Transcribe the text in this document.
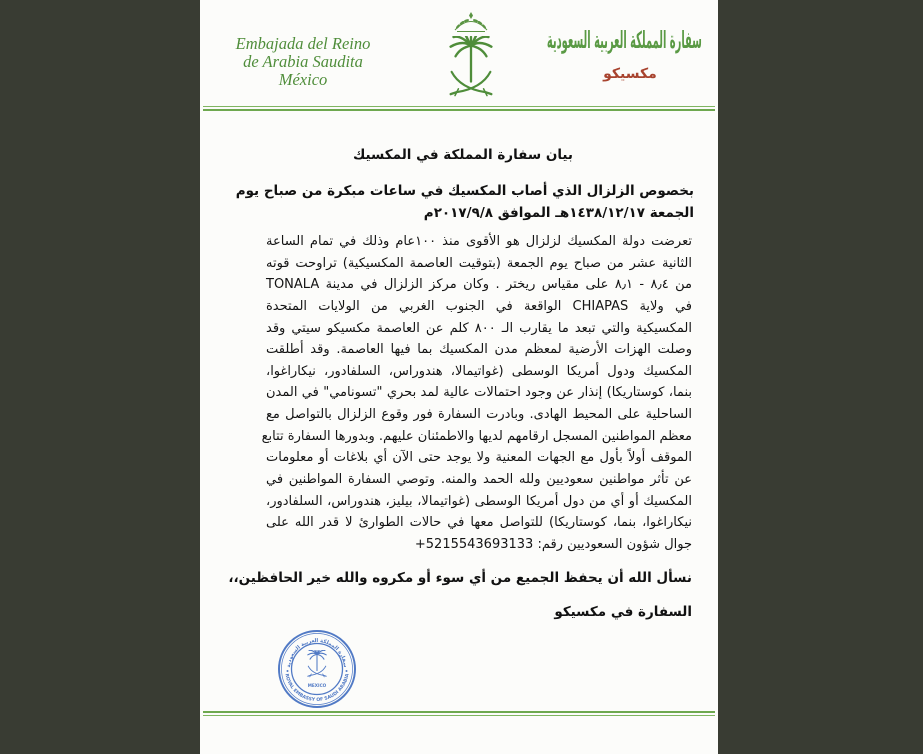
Embajada del Reino
de Arabia Saudita
México
سفارة المملكة العربية السعودية
مكسيكو
بيان سفارة المملكة في المكسيك
بخصوص الزلزال الذي أصاب المكسيك في ساعات مبكرة من صباح يوم
الجمعة ١٤٣٨/١٢/١٧هـ الموافق ٢٠١٧/٩/٨م
تعرضت دولة المكسيك لزلزال هو الأقوى منذ ١٠٠عام وذلك في تمام الساعة
الثانية عشر من صباح يوم الجمعة (بتوقيت العاصمة المكسيكية) تراوحت قوته
من ٨٫٤ - ٨٫١ على مقياس ريختر . وكان مركز الزلزال في مدينة TONALA
في ولاية CHIAPAS الواقعة في الجنوب الغربي من الولايات المتحدة
المكسيكية والتي تبعد ما يقارب الـ ٨٠٠ كلم عن العاصمة مكسيكو سيتي وقد
وصلت الهزات الأرضية لمعظم مدن المكسيك بما فيها العاصمة. وقد أطلقت
المكسيك ودول أمريكا الوسطى (غواتيمالا، هندوراس، السلفادور، نيكاراغوا،
بنما، كوستاريكا) إنذار عن وجود احتمالات عالية لمد بحري "تسونامي" في المدن
الساحلية على المحيط الهادى. وبادرت السفارة فور وقوع الزلزال بالتواصل مع
معظم المواطنين المسجل ارقامهم لديها والاطمئنان عليهم. وبدورها السفارة تتابع
الموقف أولاً بأول مع الجهات المعنية ولا يوجد حتى الآن أي بلاغات أو معلومات
عن تأثر مواطنين سعوديين ولله الحمد والمنه. وتوصي السفارة المواطنين في
المكسيك أو أي من دول أمريكا الوسطى (غواتيمالا، بيليز، هندوراس، السلفادور،
نيكاراغوا، بنما، كوستاريكا) للتواصل معها في حالات الطوارئ لا قدر الله على
جوال شؤون السعوديين رقم: +5215543693133
نسأل الله أن يحفظ الجميع من أي سوء أو مكروه والله خير الحافظين،،
السفارة في مكسيكو
سفارة المملكة العربية السعودية
ROYAL EMBASSY OF SAUDI ARABIA
MEXICO
